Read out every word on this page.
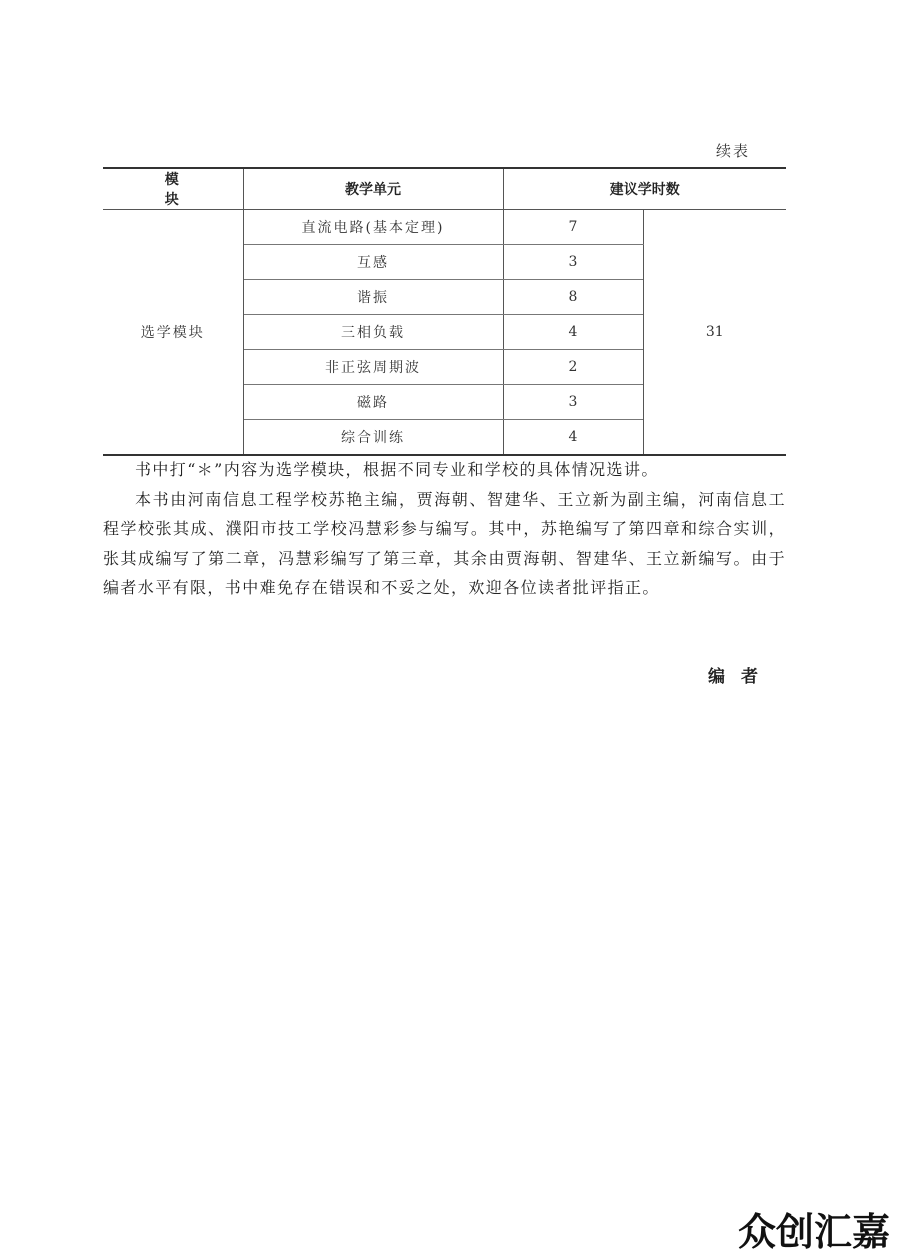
续表
模　　块	教学单元	建议学时数	
选学模块	直流电路(基本定理)	7	31
	互感	3	
	谐振	8	
	三相负载	4	
	非正弦周期波	2	
	磁路	3	
	综合训练	4	

书中打“＊”内容为选学模块，根据不同专业和学校的具体情况选讲。

本书由河南信息工程学校苏艳主编，贾海朝、智建华、王立新为副主编，河南信息工程学校张其成、濮阳市技工学校冯慧彩参与编写。其中，苏艳编写了第四章和综合实训，张其成编写了第二章，冯慧彩编写了第三章，其余由贾海朝、智建华、王立新编写。由于编者水平有限，书中难免存在错误和不妥之处，欢迎各位读者批评指正。

编者
众创汇嘉
